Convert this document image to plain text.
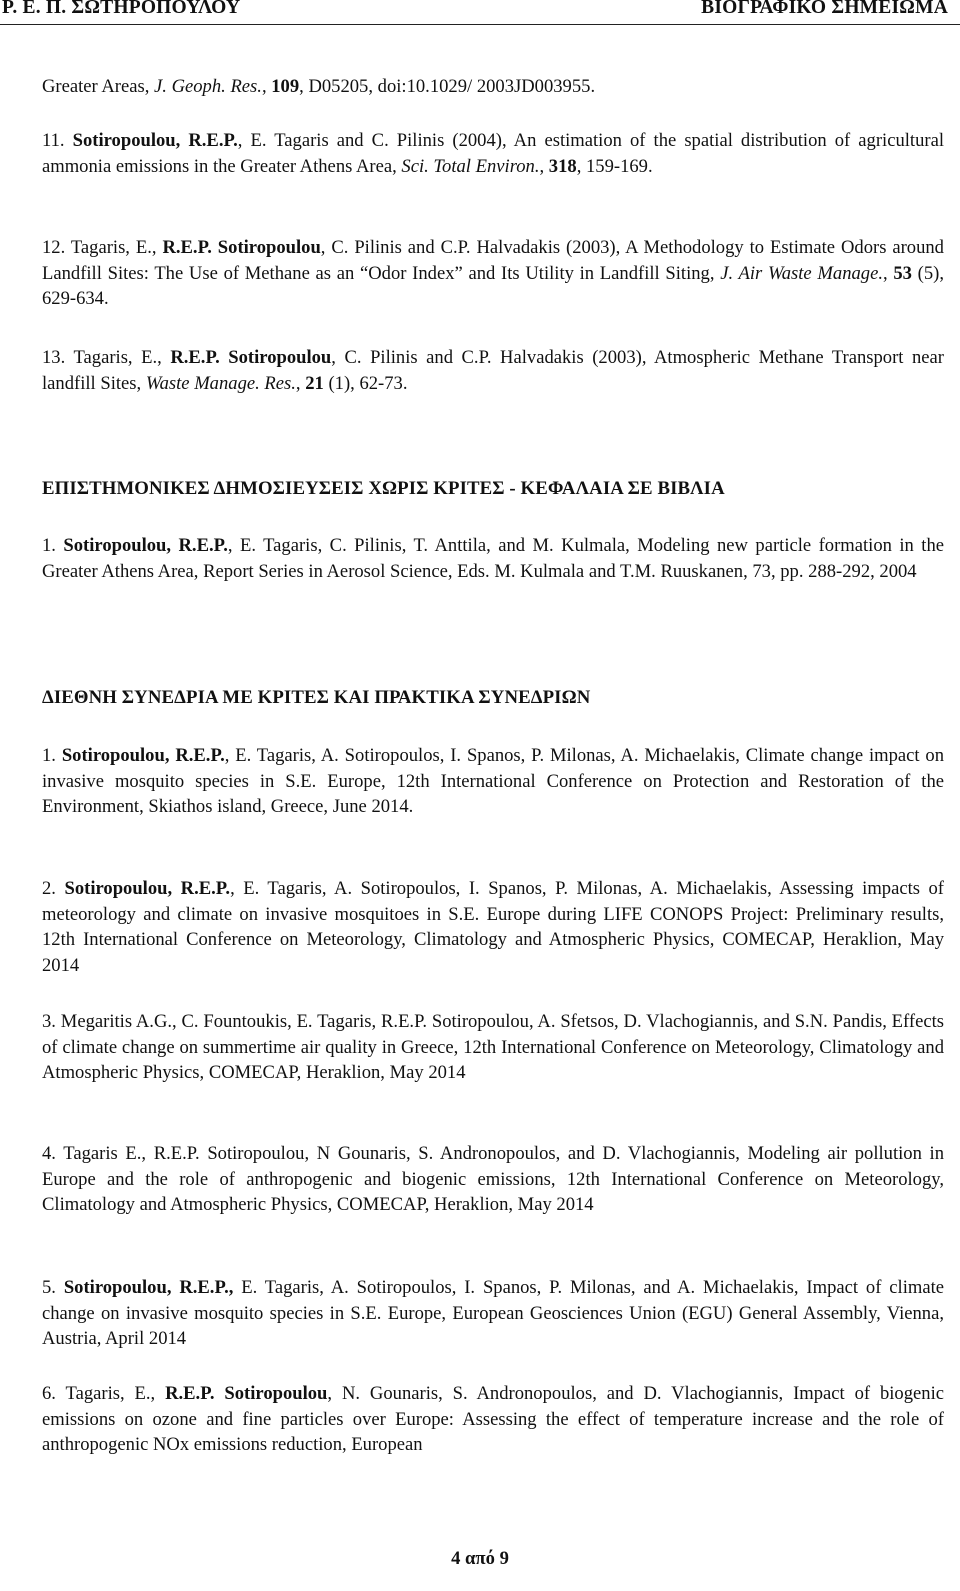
Ρ. Ε. Π. ΣΩΤΗΡΟΠΟΥΛΟΥ	ΒΙΟΓΡΑΦΙΚΟ ΣΗΜΕΙΩΜΑ
Greater Areas, J. Geoph. Res., 109, D05205, doi:10.1029/ 2003JD003955.
11. Sotiropoulou, R.E.P., E. Tagaris and C. Pilinis (2004), An estimation of the spatial distribution of agricultural ammonia emissions in the Greater Athens Area, Sci. Total Environ., 318, 159-169.
12. Tagaris, E., R.E.P. Sotiropoulou, C. Pilinis and C.P. Halvadakis (2003), A Methodology to Estimate Odors around Landfill Sites: The Use of Methane as an “Odor Index” and Its Utility in Landfill Siting, J. Air Waste Manage., 53 (5), 629-634.
13. Tagaris, E., R.E.P. Sotiropoulou, C. Pilinis and C.P. Halvadakis (2003), Atmospheric Methane Transport near landfill Sites, Waste Manage. Res., 21 (1), 62-73.
ΕΠΙΣΤΗΜΟΝΙΚΕΣ ΔΗΜΟΣΙΕΥΣΕΙΣ ΧΩΡΙΣ ΚΡΙΤΕΣ - ΚΕΦΑΛΑΙΑ ΣΕ ΒΙΒΛΙΑ
1. Sotiropoulou, R.E.P., E. Tagaris, C. Pilinis, T. Anttila, and M. Kulmala, Modeling new particle formation in the Greater Athens Area, Report Series in Aerosol Science, Eds. M. Kulmala and T.M. Ruuskanen, 73, pp. 288-292, 2004
ΔΙΕΘΝΗ ΣΥΝΕΔΡΙΑ ΜΕ ΚΡΙΤΕΣ ΚΑΙ ΠΡΑΚΤΙΚΑ ΣΥΝΕΔΡΙΩΝ
1. Sotiropoulou, R.E.P., E. Tagaris, A. Sotiropoulos, I. Spanos, P. Milonas, A. Michaelakis, Climate change impact on invasive mosquito species in S.E. Europe, 12th International Conference on Protection and Restoration of the Environment, Skiathos island, Greece, June 2014.
2. Sotiropoulou, R.E.P., E. Tagaris, A. Sotiropoulos, I. Spanos, P. Milonas, A. Michaelakis, Assessing impacts of meteorology and climate on invasive mosquitoes in S.E. Europe during LIFE CONOPS Project: Preliminary results, 12th International Conference on Meteorology, Climatology and Atmospheric Physics, COMECAP, Heraklion, May 2014
3. Megaritis A.G., C. Fountoukis, E. Tagaris, R.E.P. Sotiropoulou, A. Sfetsos, D. Vlachogiannis, and S.N. Pandis, Effects of climate change on summertime air quality in Greece, 12th International Conference on Meteorology, Climatology and Atmospheric Physics, COMECAP, Heraklion, May 2014
4. Tagaris E., R.E.P. Sotiropoulou, N Gounaris, S. Andronopoulos, and D. Vlachogiannis, Modeling air pollution in Europe and the role of anthropogenic and biogenic emissions, 12th International Conference on Meteorology, Climatology and Atmospheric Physics, COMECAP, Heraklion, May 2014
5. Sotiropoulou, R.E.P., E. Tagaris, A. Sotiropoulos, I. Spanos, P. Milonas, and A. Michaelakis, Impact of climate change on invasive mosquito species in S.E. Europe, European Geosciences Union (EGU) General Assembly, Vienna, Austria, April 2014
6. Tagaris, E., R.E.P. Sotiropoulou, N. Gounaris, S. Andronopoulos, and D. Vlachogiannis, Impact of biogenic emissions on ozone and fine particles over Europe: Assessing the effect of temperature increase and the role of anthropogenic NOx emissions reduction, European
4 από 9
